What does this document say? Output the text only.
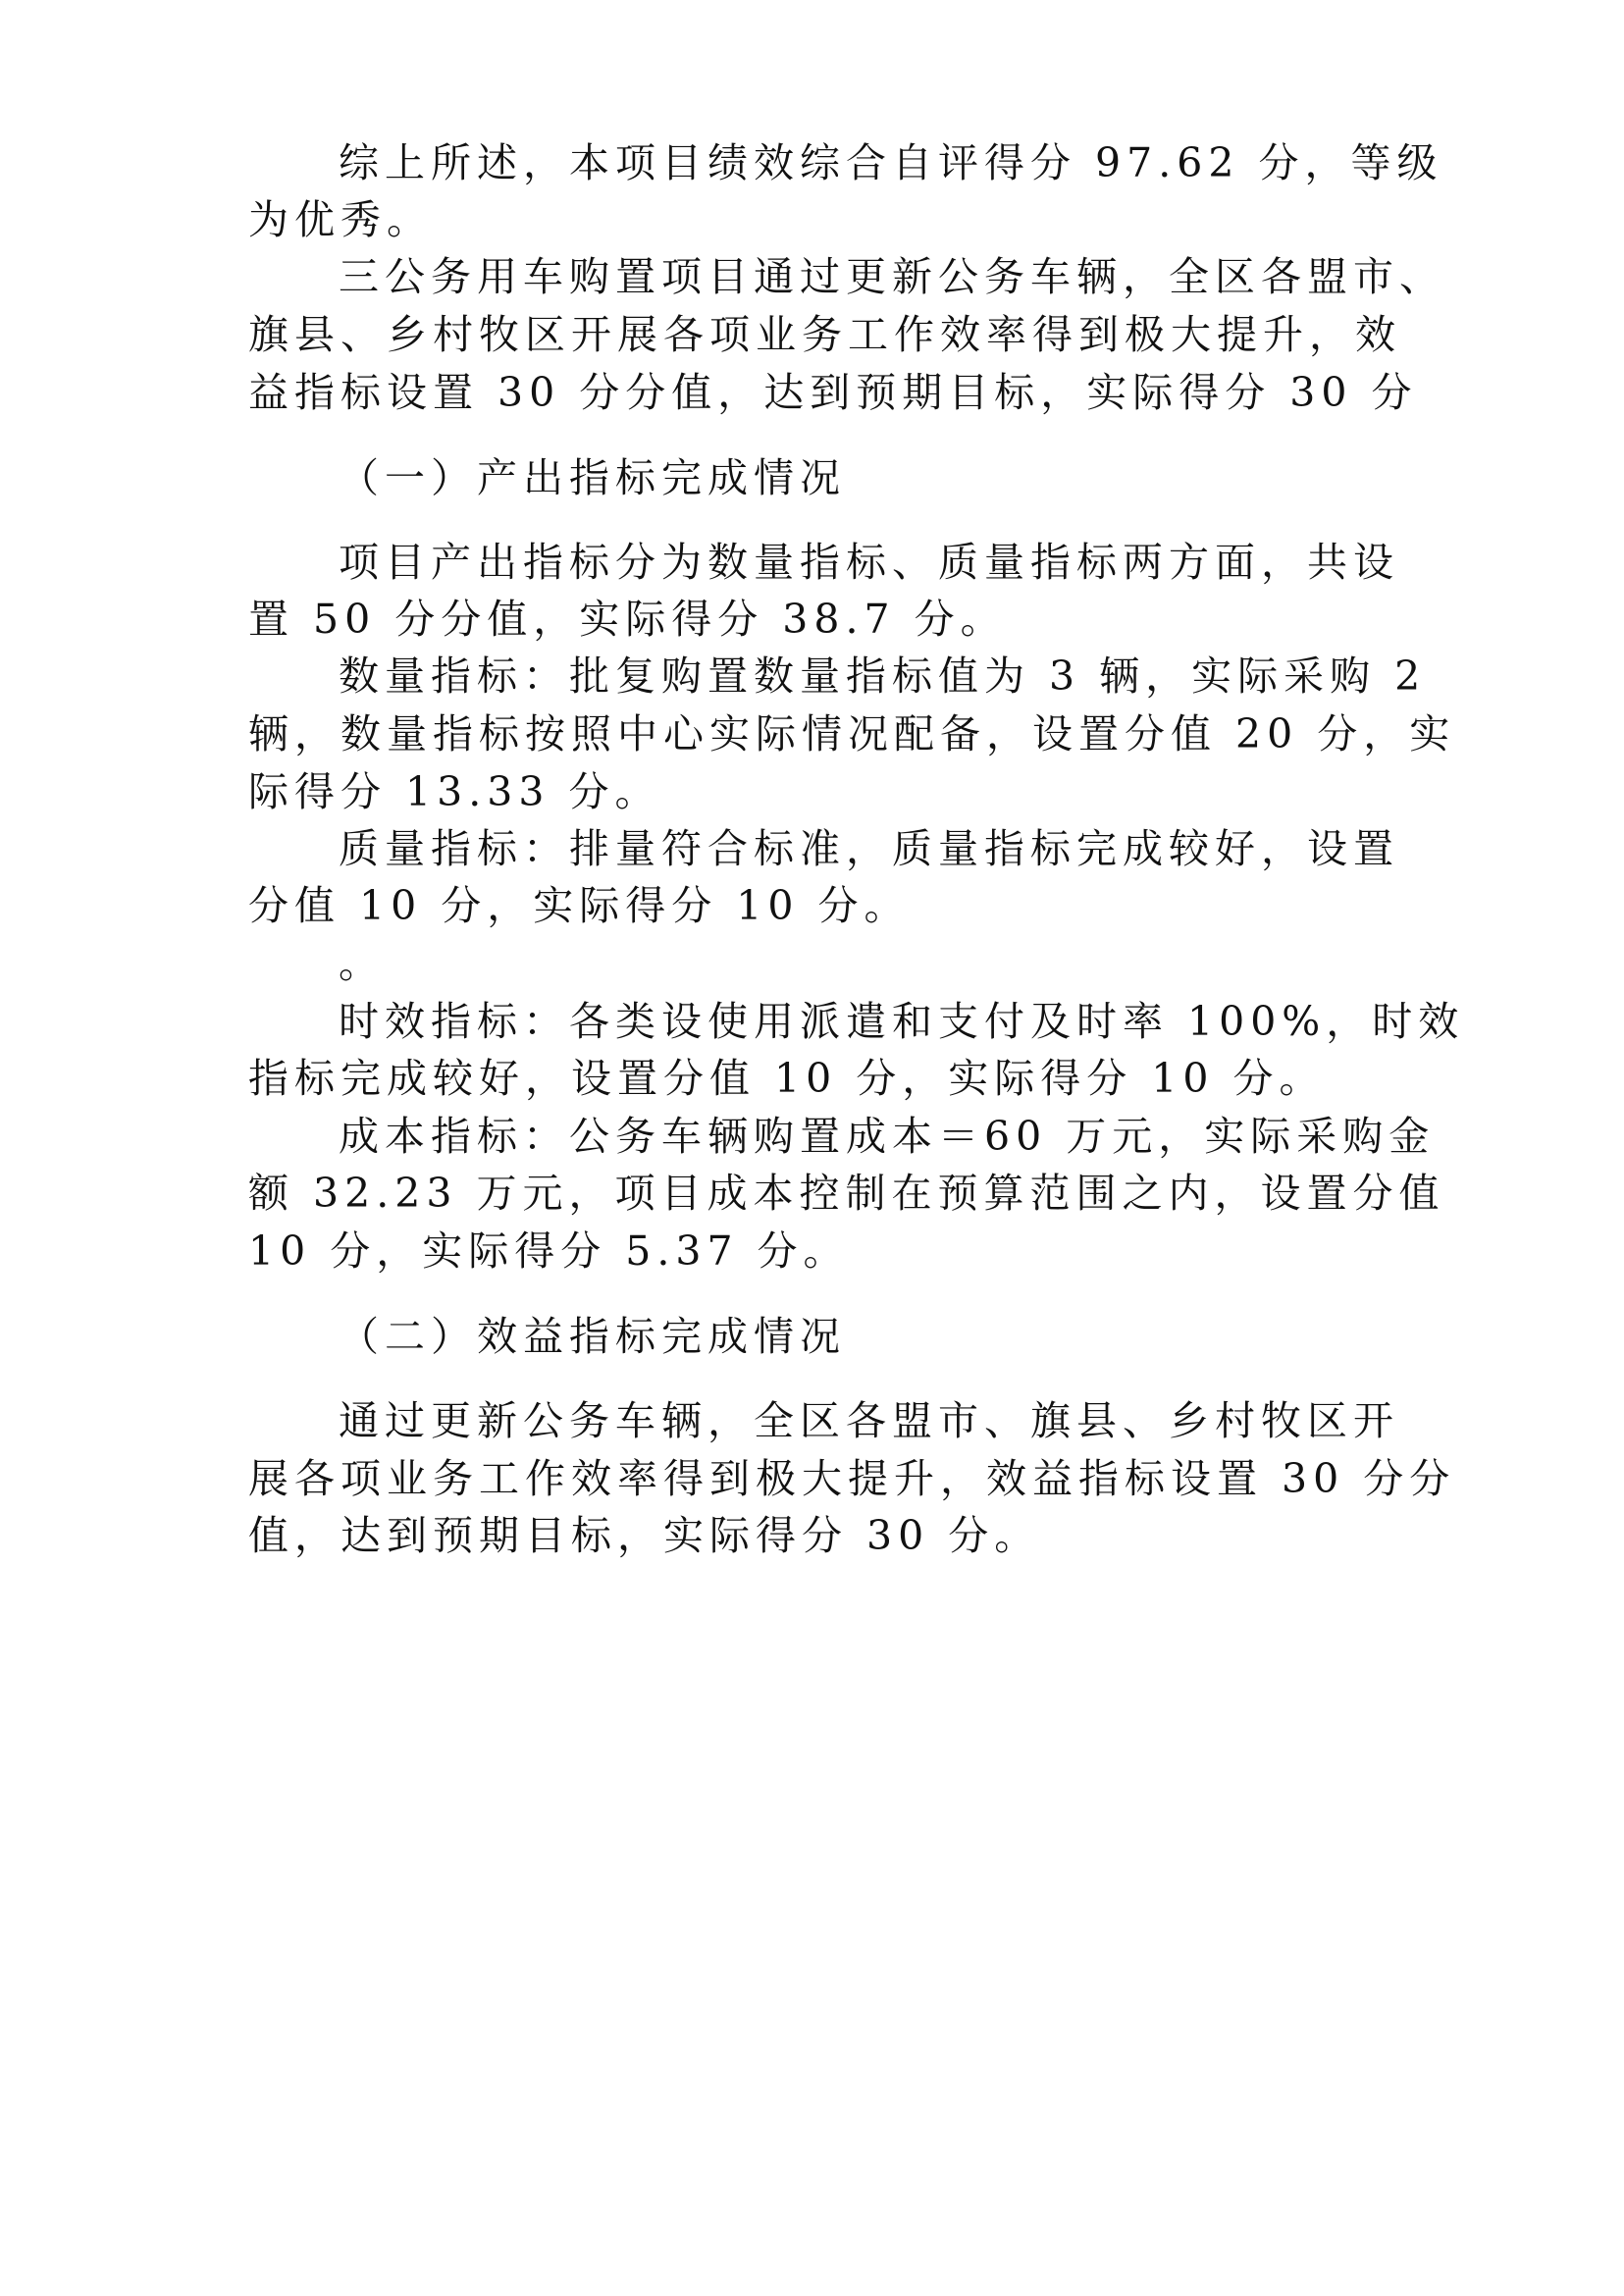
综上所述，本项目绩效综合自评得分 97.62 分，等级
为优秀。
三公务用车购置项目通过更新公务车辆，全区各盟市、
旗县、乡村牧区开展各项业务工作效率得到极大提升，效
益指标设置 30 分分值，达到预期目标，实际得分 30 分
（一）产出指标完成情况
项目产出指标分为数量指标、质量指标两方面，共设
置 50 分分值，实际得分 38.7 分。
数量指标：批复购置数量指标值为 3 辆，实际采购 2
辆，数量指标按照中心实际情况配备，设置分值 20 分，实
际得分 13.33 分。
质量指标：排量符合标准，质量指标完成较好，设置
分值 10 分，实际得分 10 分。
。
时效指标：各类设使用派遣和支付及时率 100%，时效
指标完成较好，设置分值 10 分，实际得分 10 分。
成本指标：公务车辆购置成本＝60 万元，实际采购金
额 32.23 万元，项目成本控制在预算范围之内，设置分值
10 分，实际得分 5.37 分。
（二）效益指标完成情况
通过更新公务车辆，全区各盟市、旗县、乡村牧区开
展各项业务工作效率得到极大提升，效益指标设置 30 分分
值，达到预期目标，实际得分 30 分。
